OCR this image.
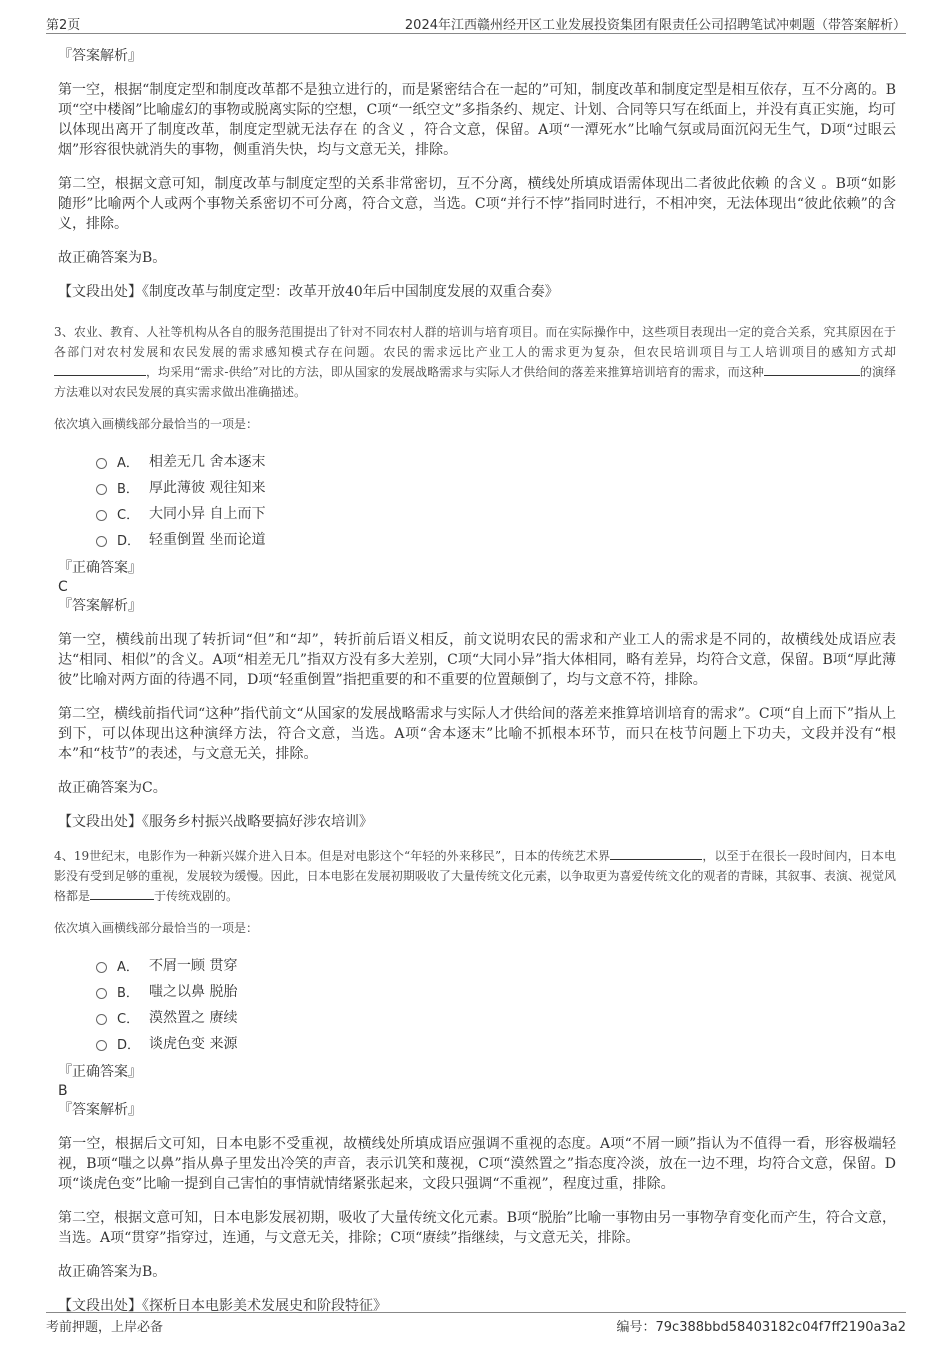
第2页	2024年江西赣州经开区工业发展投资集团有限责任公司招聘笔试冲刺题（带答案解析）
『答案解析』
第一空，根据“制度定型和制度改革都不是独立进行的，而是紧密结合在一起的”可知，制度改革和制度定型是相互依存，互不分离的。B项“空中楼阁”比喻虚幻的事物或脱离实际的空想，C项“一纸空文”多指条约、规定、计划、合同等只写在纸面上，并没有真正实施，均可以体现出离开了制度改革，制度定型就无法存在 的含义 ，符合文意，保留。A项“一潭死水”比喻气氛或局面沉闷无生气，D项“过眼云烟”形容很快就消失的事物，侧重消失快，均与文意无关，排除。
第二空，根据文意可知，制度改革与制度定型的关系非常密切，互不分离，横线处所填成语需体现出二者彼此依赖 的含义 。B项“如影随形”比喻两个人或两个事物关系密切不可分离，符合文意，当选。C项“并行不悖”指同时进行，不相冲突，无法体现出“彼此依赖”的含义，排除。
故正确答案为B。
【文段出处】《制度改革与制度定型：改革开放40年后中国制度发展的双重合奏》
3、农业、教育、人社等机构从各自的服务范围提出了针对不同农村人群的培训与培育项目。而在实际操作中，这些项目表现出一定的竞合关系，究其原因在于各部门对农村发展和农民发展的需求感知模式存在问题。农民的需求远比产业工人的需求更为复杂，但农民培训项目与工人培训项目的感知方式却，均采用“需求-供给”对比的方法，即从国家的发展战略需求与实际人才供给间的落差来推算培训培育的需求，而这种	的演绎方法难以对农民发展的真实需求做出准确描述。
依次填入画横线部分最恰当的一项是：
A． 相差无几 舍本逐末
B． 厚此薄彼 观往知来
C． 大同小异 自上而下
D． 轻重倒置 坐而论道
『正确答案』
C
『答案解析』
第一空，横线前出现了转折词“但”和“却”，转折前后语义相反，前文说明农民的需求和产业工人的需求是不同的，故横线处成语应表达“相同、相似”的含义。A项“相差无几”指双方没有多大差别，C项“大同小异”指大体相同，略有差异，均符合文意，保留。B项“厚此薄彼”比喻对两方面的待遇不同，D项“轻重倒置”指把重要的和不重要的位置颠倒了，均与文意不符，排除。
第二空，横线前指代词“这种”指代前文“从国家的发展战略需求与实际人才供给间的落差来推算培训培育的需求”。C项“自上而下”指从上到下，可以体现出这种演绎方法，符合文意，当选。A项“舍本逐末”比喻不抓根本环节，而只在枝节问题上下功夫，文段并没有“根本”和“枝节”的表述，与文意无关，排除。
故正确答案为C。
【文段出处】《服务乡村振兴战略要搞好涉农培训》
4、19世纪末，电影作为一种新兴媒介进入日本。但是对电影这个“年轻的外来移民”，日本的传统艺术界	，以至于在很长一段时间内，日本电影没有受到足够的重视，发展较为缓慢。因此，日本电影在发展初期吸收了大量传统文化元素，以争取更为喜爱传统文化的观者的青睐，其叙事、表演、视觉风格都是	于传统戏剧的。
依次填入画横线部分最恰当的一项是：
A． 不屑一顾 贯穿
B． 嗤之以鼻 脱胎
C． 漠然置之 赓续
D． 谈虎色变 来源
『正确答案』
B
『答案解析』
第一空，根据后文可知，日本电影不受重视，故横线处所填成语应强调不重视的态度。A项“不屑一顾”指认为不值得一看，形容极端轻视，B项“嗤之以鼻”指从鼻子里发出冷笑的声音，表示讥笑和蔑视，C项“漠然置之”指态度冷淡，放在一边不理，均符合文意，保留。D项“谈虎色变”比喻一提到自己害怕的事情就情绪紧张起来，文段只强调“不重视”，程度过重，排除。
第二空，根据文意可知，日本电影发展初期，吸收了大量传统文化元素。B项“脱胎”比喻一事物由另一事物孕育变化而产生，符合文意，当选。A项“贯穿”指穿过，连通，与文意无关，排除；C项“赓续”指继续，与文意无关，排除。
故正确答案为B。
【文段出处】《探析日本电影美术发展史和阶段特征》
考前押题，上岸必备	编号：79c388bbd58403182c04f7ff2190a3a2
